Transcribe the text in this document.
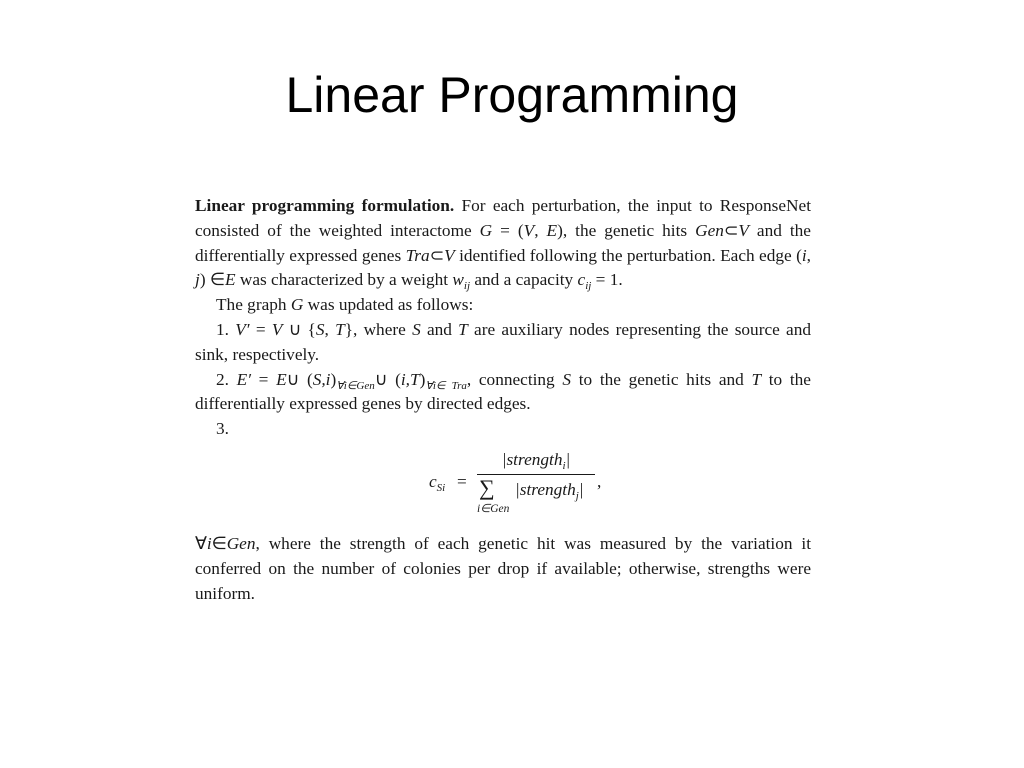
Linear Programming

Linear programming formulation. For each perturbation, the input to ResponseNet consisted of the weighted interactome G = (V, E), the genetic hits Gen⊂V and the differentially expressed genes Tra⊂V identified following the perturbation. Each edge (i, j) ∈E was characterized by a weight $w_{ij}$ and a capacity $c_{ij} = 1$.

The graph G was updated as follows:

1. V′ = V ∪ {S, T}, where S and T are auxiliary nodes representing the source and sink, respectively.

2. E′ = E∪ $(S,i)_{\forall i\in Gen}\cup$ $(i,T)_{\forall i\in Tra}$, connecting S to the genetic hits and T to the differentially expressed genes by directed edges.

3.

$c_{Si}$ =
|strength$_i$|
∑
i∈Gen
|strength$_j$| ,

∀i∈Gen, where the strength of each genetic hit was measured by the variation it conferred on the number of colonies per drop if available; otherwise, strengths were uniform.
